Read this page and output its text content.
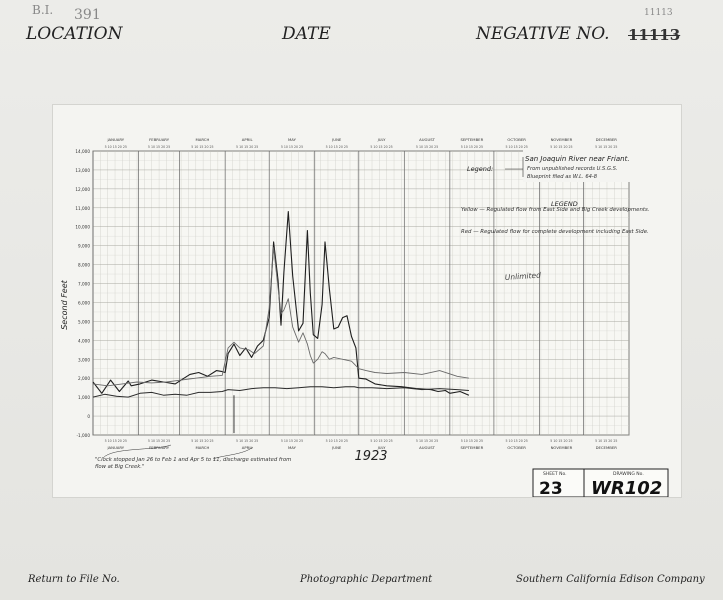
B.I. 391	11113
LOCATION	DATE	NEGATIVE NO. 11113
-1,000
0
1,000
2,000
3,000
4,000
5,000
6,000
7,000
8,000
9,000
10,000
11,000
12,000
13,000
14,000
JANUARY
JANUARY
5 10 15 20 25
5 10 15 20 25
FEBRUARY
FEBRUARY
5 10 15 20 25
5 10 15 20 25
MARCH
MARCH
5 10 15 20 25
5 10 15 20 25
APRIL
APRIL
5 10 15 20 25
5 10 15 20 25
MAY
MAY
5 10 15 20 25
5 10 15 20 25
JUNE
JUNE
5 10 15 20 25
5 10 15 20 25
JULY
JULY
5 10 15 20 25
5 10 15 20 25
AUGUST
AUGUST
5 10 15 20 25
5 10 15 20 25
SEPTEMBER
SEPTEMBER
5 10 15 20 25
5 10 15 20 25
OCTOBER
OCTOBER
5 10 15 20 25
5 10 15 20 25
NOVEMBER
NOVEMBER
5 10 15 20 25
5 10 15 20 25
DECEMBER
DECEMBER
5 10 15 20 25
5 10 15 20 25
Second Feet
1923
Legend:
San Joaquin River near Friant.
From unpublished records U.S.G.S.
Blueprint filed as W.L. 64-8
LEGEND
Yellow — Regulated flow from East Side and Big Creek developments.
Red — Regulated flow for complete development including East Side.
Unlimited
"Clock stopped Jan 26 to Feb 1 and Apr 5 to 11, discharge estimated from flow at Big Creek."
SHEET No.
23
DRAWING No.
WR102
Return to File No.	Photographic Department	Southern California Edison Company
